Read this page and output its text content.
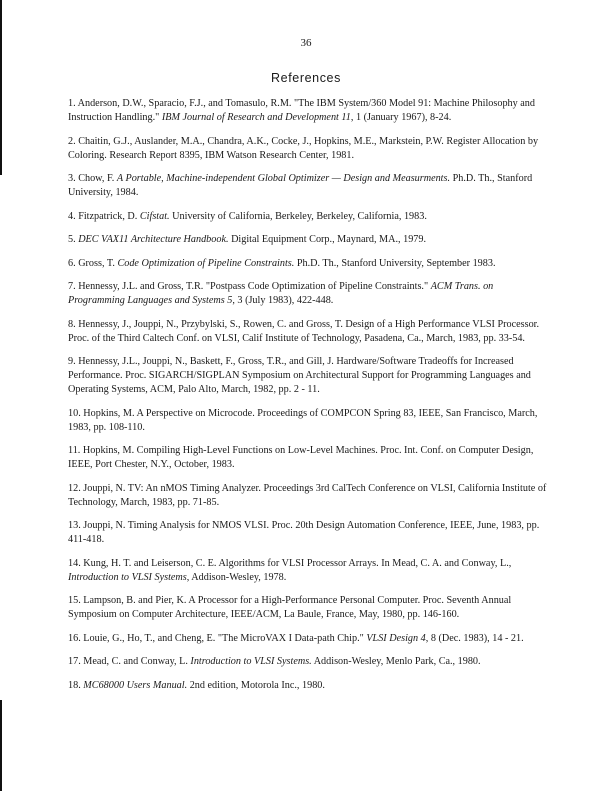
36
References
1. Anderson, D.W., Sparacio, F.J., and Tomasulo, R.M. "The IBM System/360 Model 91: Machine Philosophy and Instruction Handling." IBM Journal of Research and Development 11, 1 (January 1967), 8-24.
2. Chaitin, G.J., Auslander, M.A., Chandra, A.K., Cocke, J., Hopkins, M.E., Markstein, P.W. Register Allocation by Coloring. Research Report 8395, IBM Watson Research Center, 1981.
3. Chow, F. A Portable, Machine-independent Global Optimizer — Design and Measurments. Ph.D. Th., Stanford University, 1984.
4. Fitzpatrick, D. Cifstat. University of California, Berkeley, Berkeley, California, 1983.
5. DEC VAX11 Architecture Handbook. Digital Equipment Corp., Maynard, MA., 1979.
6. Gross, T. Code Optimization of Pipeline Constraints. Ph.D. Th., Stanford University, September 1983.
7. Hennessy, J.L. and Gross, T.R. "Postpass Code Optimization of Pipeline Constraints." ACM Trans. on Programming Languages and Systems 5, 3 (July 1983), 422-448.
8. Hennessy, J., Jouppi, N., Przybylski, S., Rowen, C. and Gross, T. Design of a High Performance VLSI Processor. Proc. of the Third Caltech Conf. on VLSI, Calif Institute of Technology, Pasadena, Ca., March, 1983, pp. 33-54.
9. Hennessy, J.L., Jouppi, N., Baskett, F., Gross, T.R., and Gill, J. Hardware/Software Tradeoffs for Increased Performance. Proc. SIGARCH/SIGPLAN Symposium on Architectural Support for Programming Languages and Operating Systems, ACM, Palo Alto, March, 1982, pp. 2 - 11.
10. Hopkins, M. A Perspective on Microcode. Proceedings of COMPCON Spring 83, IEEE, San Francisco, March, 1983, pp. 108-110.
11. Hopkins, M. Compiling High-Level Functions on Low-Level Machines. Proc. Int. Conf. on Computer Design, IEEE, Port Chester, N.Y., October, 1983.
12. Jouppi, N. TV: An nMOS Timing Analyzer. Proceedings 3rd CalTech Conference on VLSI, California Institute of Technology, March, 1983, pp. 71-85.
13. Jouppi, N. Timing Analysis for NMOS VLSI. Proc. 20th Design Automation Conference, IEEE, June, 1983, pp. 411-418.
14. Kung, H. T. and Leiserson, C. E. Algorithms for VLSI Processor Arrays. In Mead, C. A. and Conway, L., Introduction to VLSI Systems, Addison-Wesley, 1978.
15. Lampson, B. and Pier, K. A Processor for a High-Performance Personal Computer. Proc. Seventh Annual Symposium on Computer Architecture, IEEE/ACM, La Baule, France, May, 1980, pp. 146-160.
16. Louie, G., Ho, T., and Cheng, E. "The MicroVAX I Data-path Chip." VLSI Design 4, 8 (Dec. 1983), 14 - 21.
17. Mead, C. and Conway, L. Introduction to VLSI Systems. Addison-Wesley, Menlo Park, Ca., 1980.
18. MC68000 Users Manual. 2nd edition, Motorola Inc., 1980.
